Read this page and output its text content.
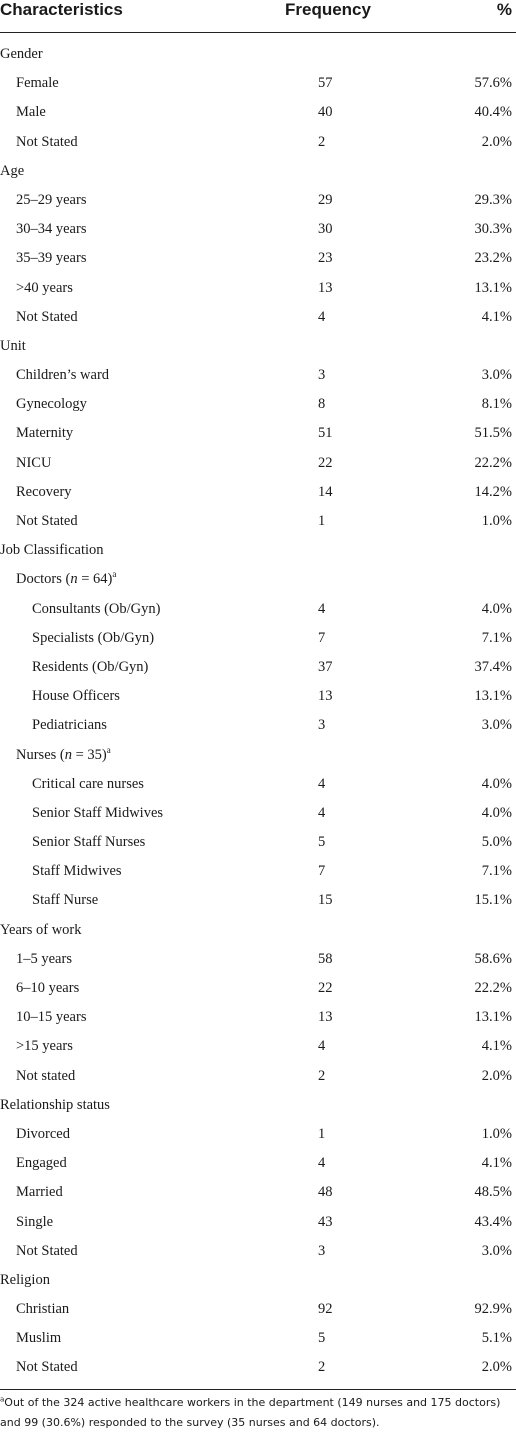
Characteristics	Frequency	%
Gender
Female	57	57.6%
Male	40	40.4%
Not Stated	2	2.0%
Age
25–29 years	29	29.3%
30–34 years	30	30.3%
35–39 years	23	23.2%
>40 years	13	13.1%
Not Stated	4	4.1%
Unit
Children’s ward	3	3.0%
Gynecology	8	8.1%
Maternity	51	51.5%
NICU	22	22.2%
Recovery	14	14.2%
Not Stated	1	1.0%
Job Classification
Doctors (n = 64)$^a$
Consultants (Ob/Gyn)	4	4.0%
Specialists (Ob/Gyn)	7	7.1%
Residents (Ob/Gyn)	37	37.4%
House Officers	13	13.1%
Pediatricians	3	3.0%
Nurses (n = 35)$^a$
Critical care nurses	4	4.0%
Senior Staff Midwives	4	4.0%
Senior Staff Nurses	5	5.0%
Staff Midwives	7	7.1%
Staff Nurse	15	15.1%
Years of work
1–5 years	58	58.6%
6–10 years	22	22.2%
10–15 years	13	13.1%
>15 years	4	4.1%
Not stated	2	2.0%
Relationship status
Divorced	1	1.0%
Engaged	4	4.1%
Married	48	48.5%
Single	43	43.4%
Not Stated	3	3.0%
Religion
Christian	92	92.9%
Muslim	5	5.1%
Not Stated	2	2.0%
$^a$Out of the 324 active healthcare workers in the department (149 nurses and 175 doctors) and 99 (30.6%) responded to the survey (35 nurses and 64 doctors).
